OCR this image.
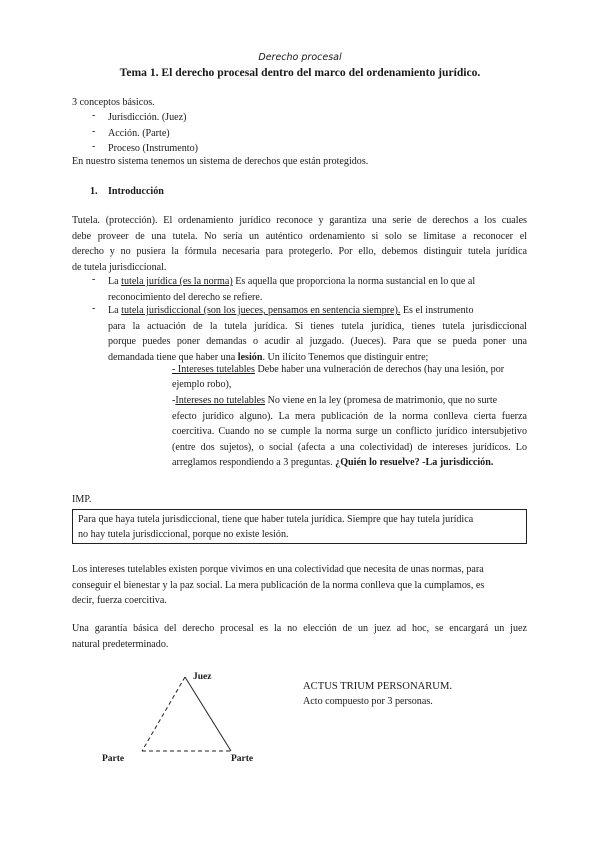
Derecho procesal
Tema 1. El derecho procesal dentro del marco del ordenamiento jurídico.
3 conceptos básicos.
- Jurisdicción. (Juez)
- Acción. (Parte)
- Proceso (Instrumento)
En nuestro sistema tenemos un sistema de derechos que están protegidos.
1. Introducción
Tutela. (protección). El ordenamiento jurídico reconoce y garantiza una serie de derechos a los cuales
debe proveer de una tutela. No sería un auténtico ordenamiento si solo se limitase a reconocer el
derecho y no pusiera la fórmula necesaria para protegerlo. Por ello, debemos distinguir tutela jurídica
de tutela jurisdiccional.
- La tutela jurídica (es la norma) Es aquella que proporciona la norma sustancial en lo que al
reconocimiento del derecho se refiere.
- La tutela jurisdiccional (son los jueces, pensamos en sentencia siempre). Es el instrumento
para la actuación de la tutela jurídica. Si tienes tutela jurídica, tienes tutela jurisdiccional
porque puedes poner demandas o acudir al juzgado. (Jueces). Para que se pueda poner una
demandada tiene que haber una lesión. Un ilícito Tenemos que distinguir entre;
- Intereses tutelables Debe haber una vulneración de derechos (hay una lesión, por
ejemplo robo),
-Intereses no tutelables No viene en la ley (promesa de matrimonio, que no surte
efecto jurídico alguno). La mera publicación de la norma conlleva cierta fuerza
coercitiva. Cuando no se cumple la norma surge un conflicto jurídico intersubjetivo
(entre dos sujetos), o social (afecta a una colectividad) de intereses jurídicos. Lo
arreglamos respondiendo a 3 preguntas. ¿Quién lo resuelve? -La jurisdicción.
IMP.
Para que haya tutela jurisdiccional, tiene que haber tutela jurídica. Siempre que hay tutela jurídica
no hay tutela jurisdiccional, porque no existe lesión.
Los intereses tutelables existen porque vivimos en una colectividad que necesita de unas normas, para
conseguir el bienestar y la paz social. La mera publicación de la norma conlleva que la cumplamos, es
decir, fuerza coercitiva.
Una garantía básica del derecho procesal es la no elección de un juez ad hoc, se encargará un juez
natural predeterminado.
Juez
Parte	Parte
ACTUS TRIUM PERSONARUM.
Acto compuesto por 3 personas.
